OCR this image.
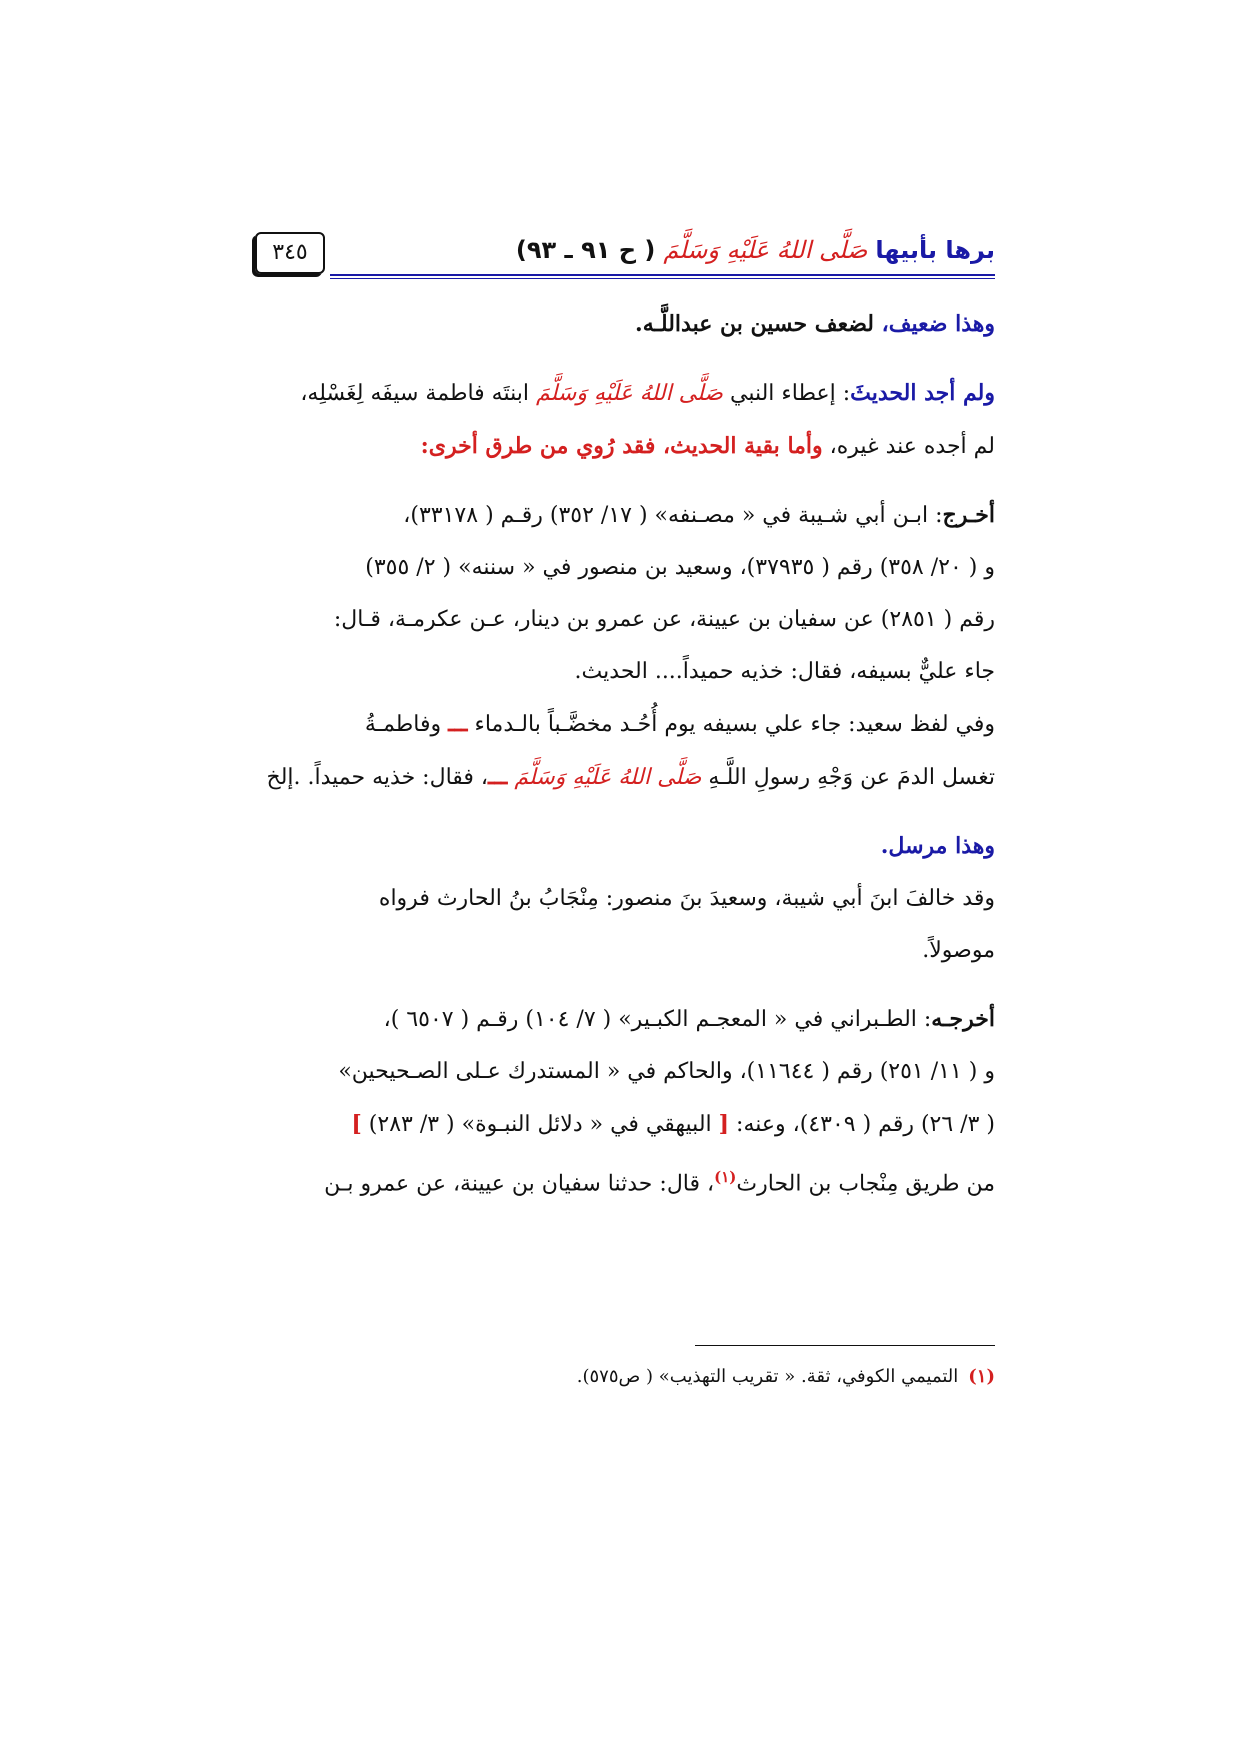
برها بأبيهاصَلَّى اللهُ عَلَيْهِ وَسَلَّمَ( ح ٩١ ـ ٩٣)
٣٤٥

وهذا ضعيف، لضعف حسين بن عبداللَّـه.

ولم أجد الحديثَ: إعطاء النبي صَلَّى اللهُ عَلَيْهِ وَسَلَّمَ ابنتَه فاطمة سيفَه لِغَسْلِه،

لم أجده عند غيره، وأما بقية الحديث، فقد رُوي من طرق أخرى:

أخـرج: ابـن أبي شـيبة في « مصـنفه» ( ١٧/ ٣٥٢) رقـم ( ٣٣١٧٨)،

و ( ٢٠/ ٣٥٨) رقم ( ٣٧٩٣٥)، وسعيد بن منصور في « سننه» ( ٢/ ٣٥٥)

رقم ( ٢٨٥١) عن سفيان بن عيينة، عن عمرو بن دينار، عـن عكرمـة، قـال:

جاء عليٌّ بسيفه، فقال: خذيه حميداً.... الحديث.

وفي لفظ سعيد: جاء علي بسيفه يوم أُحُـد مخضَّـباً بالـدماء ـــ وفاطمـةُ

تغسل الدمَ عن وَجْهِ رسولِ اللَّـهِ صَلَّى اللهُ عَلَيْهِ وَسَلَّمَ ـــ، فقال: خذيه حميداً. .إلخ

وهذا مرسل.

وقد خالفَ ابنَ أبي شيبة، وسعيدَ بنَ منصور: مِنْجَابُ بنُ الحارث فرواه

موصولاً.

أخرجـه: الطـبراني في « المعجـم الكبـير» ( ٧/ ١٠٤) رقـم ( ٦٥٠٧ )،

و ( ١١/ ٢٥١) رقم ( ١١٦٤٤)، والحاكم في « المستدرك عـلى الصـحيحين»

( ٣/ ٢٦) رقم ( ٤٣٠٩)، وعنه: [ البيهقي في « دلائل النبـوة» ( ٣/ ٢٨٣) ]

من طريق مِنْجاب بن الحارث$^{(١)}$، قال: حدثنا سفيان بن عيينة، عن عمرو بـن

(١)التميمي الكوفي، ثقة. « تقريب التهذيب» ( ص٥٧٥).
